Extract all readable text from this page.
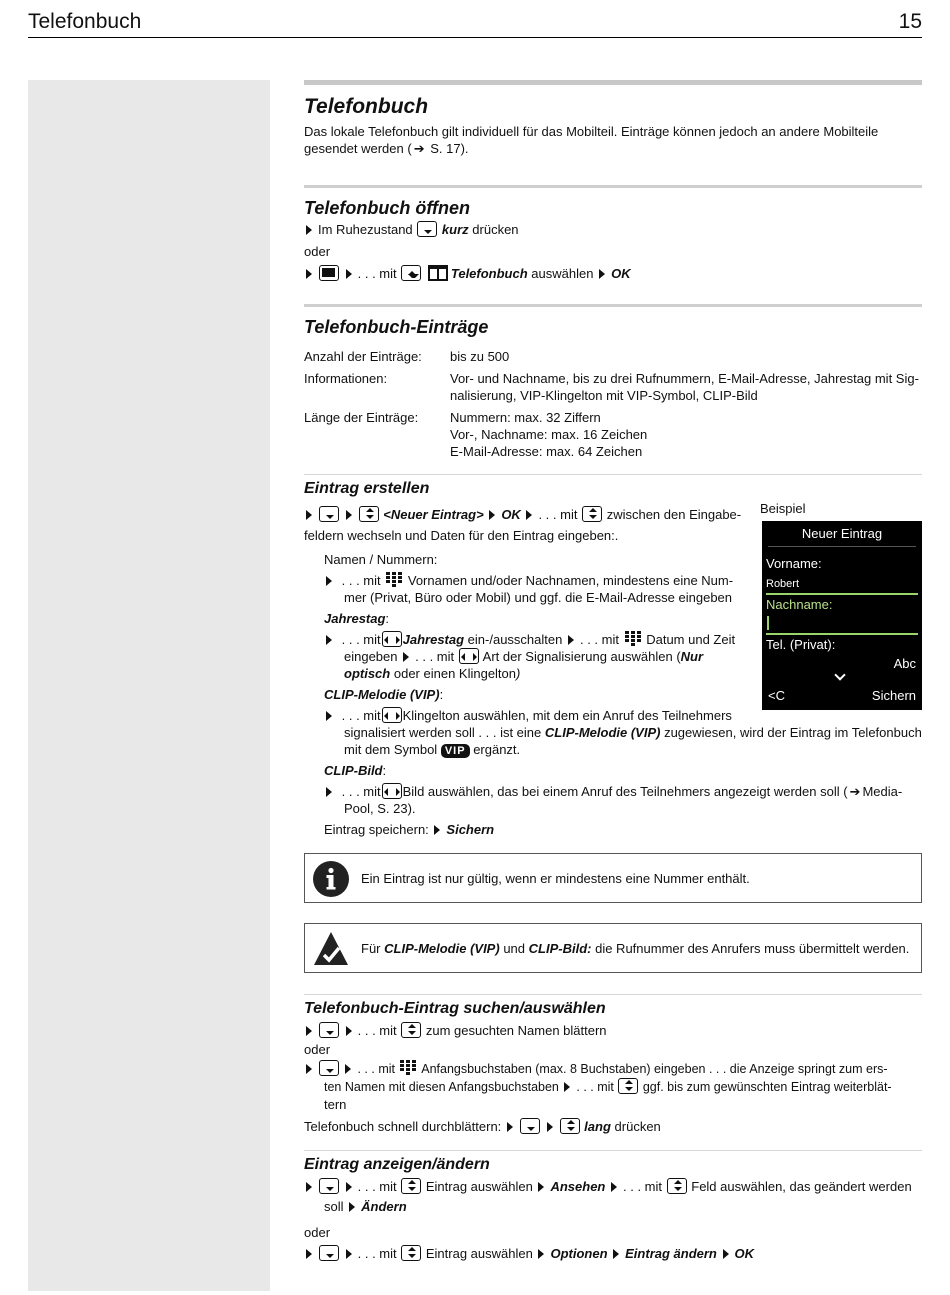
Telefonbuch	15
Telefonbuch

Das lokale Telefonbuch gilt individuell für das Mobilteil. Einträge können jedoch an andere Mobilteile

gesendet werden ( ➔ S. 17).

Telefonbuch öffnen

Im Ruhezustand kurz drücken

oder

. . . mit	Telefonbuch auswählen OK

Telefonbuch-Einträge
Anzahl der Einträge:	bis zu 500
Informationen:	Vor- und Nachname, bis zu drei Rufnummern, E-Mail-Adresse, Jahrestag mit Sig-
nalisierung, VIP-Klingelton mit VIP-Symbol, CLIP-Bild
Länge der Einträge:	Nummern: max. 32 Ziffern
Vor-, Nachname: max. 16 Zeichen
E-Mail-Adresse: max. 64 Zeichen
Eintrag erstellen
Beispiel

<Neuer Eintrag> OK . . . mit zwischen den Eingabe-

feldern wechseln und Daten für den Eintrag eingeben:.

Namen / Nummern:

. . . mit Vornamen und/oder Nachnamen, mindestens eine Num-

mer (Privat, Büro oder Mobil) und ggf. die E-Mail-Adresse eingeben

Jahrestag:

. . . mit Jahrestag ein-/ausschalten . . . mit Datum und Zeit

eingeben . . . mit Art der Signalisierung auswählen (Nur

optisch oder einen Klingelton)

CLIP-Melodie (VIP):

. . . mit Klingelton auswählen, mit dem ein Anruf des Teilnehmers

signalisiert werden soll . . . ist eine CLIP-Melodie (VIP) zugewiesen, wird der Eintrag im Telefonbuch

mit dem Symbol VIP ergänzt.

CLIP-Bild:

. . . mit Bild auswählen, das bei einem Anruf des Teilnehmers angezeigt werden soll ( ➔ Media-

Pool, S. 23).

Eintrag speichern: Sichern

Neuer Eintrag
Vorname:
Robert
Nachname:
Tel. (Privat):
Abc
<C	Sichern
Ein Eintrag ist nur gültig, wenn er mindestens eine Nummer enthält.
Für CLIP-Melodie (VIP) und CLIP-Bild: die Rufnummer des Anrufers muss übermittelt werden.
Telefonbuch-Eintrag suchen/auswählen

. . . mit zum gesuchten Namen blättern

oder

. . . mit Anfangsbuchstaben (max. 8 Buchstaben) eingeben . . . die Anzeige springt zum ers-

ten Namen mit diesen Anfangsbuchstaben . . . mit ggf. bis zum gewünschten Eintrag weiterblät-

tern

Telefonbuch schnell durchblättern:	lang drücken

Eintrag anzeigen/ändern

. . . mit Eintrag auswählen Ansehen . . . mit Feld auswählen, das geändert werden

soll Ändern

oder

. . . mit Eintrag auswählen Optionen Eintrag ändern OK
